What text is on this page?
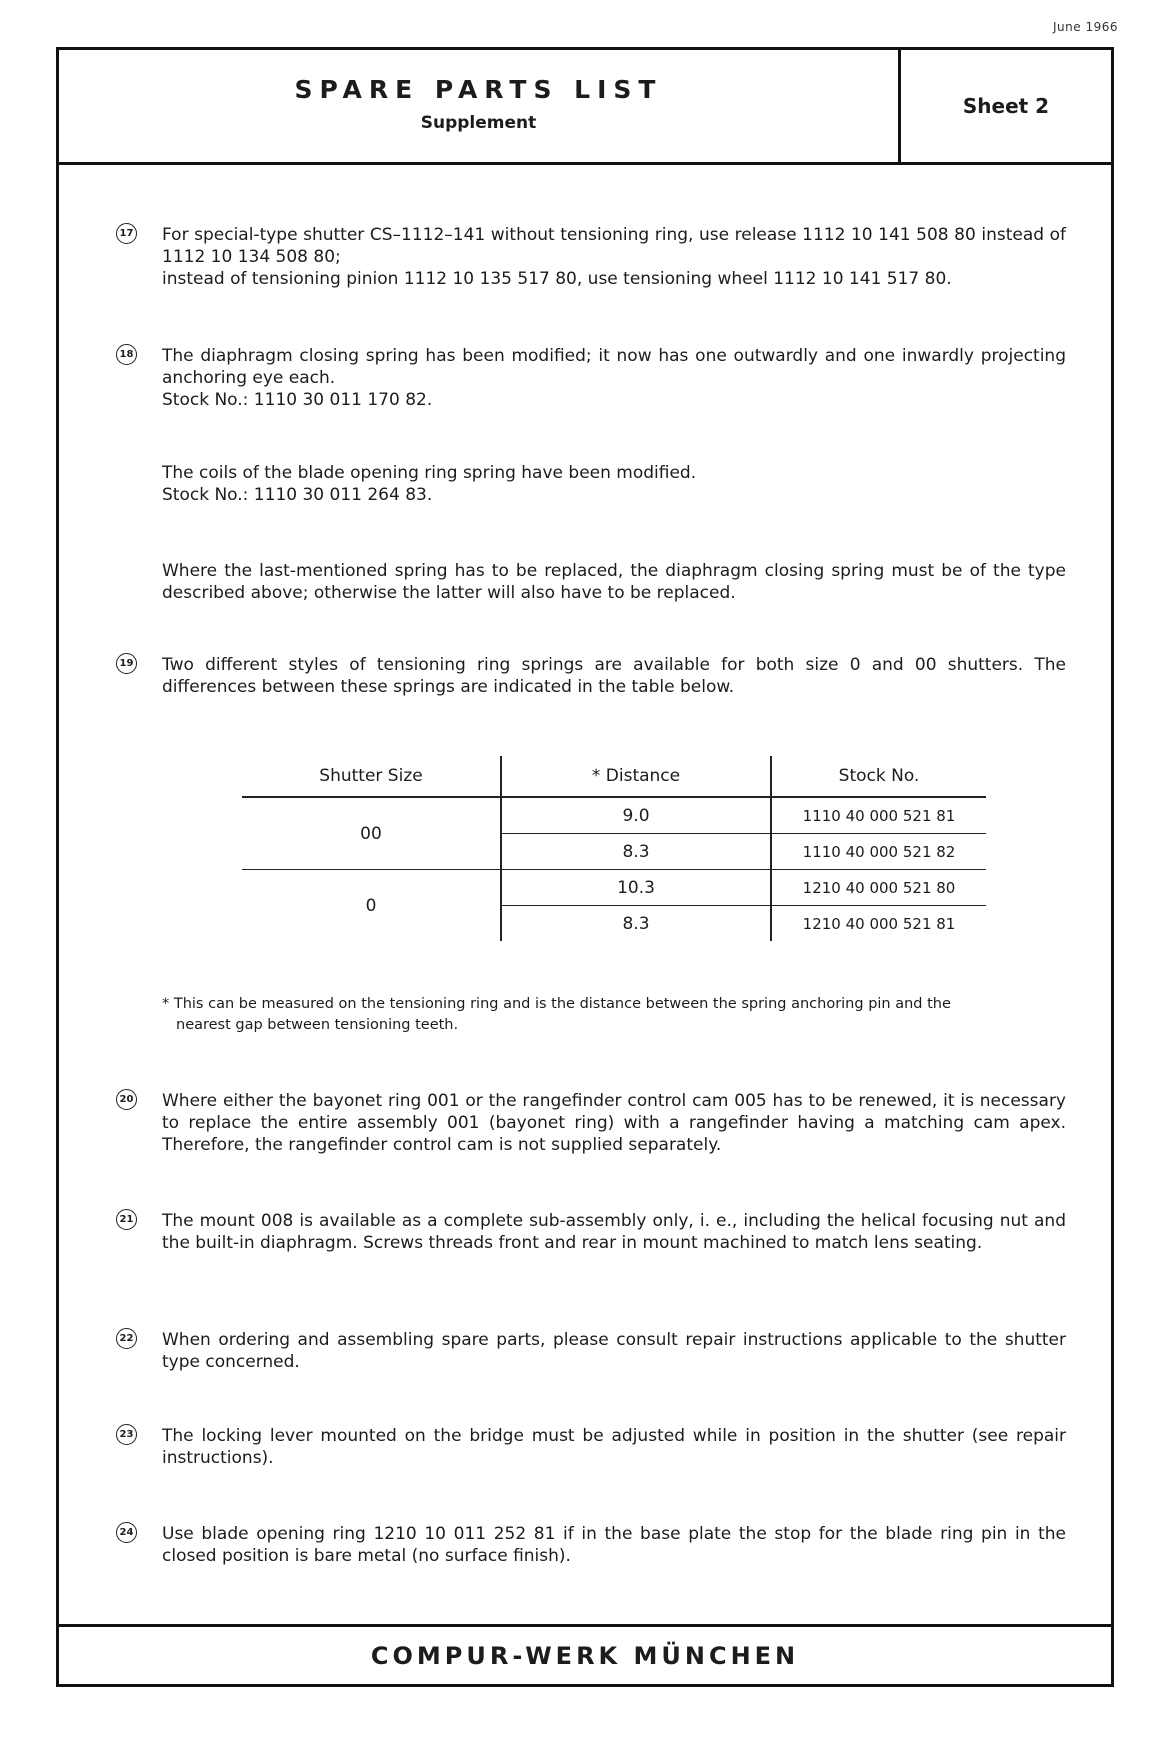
June 1966
SPARE PARTS LIST
Supplement
Sheet 2
17 For special-type shutter CS–1112–141 without tensioning ring, use release 1112 10 141 508 80 instead of 1112 10 134 508 80;

instead of tensioning pinion 1112 10 135 517 80, use tensioning wheel 1112 10 141 517 80.

18 The diaphragm closing spring has been modified; it now has one outwardly and one inwardly projecting anchoring eye each.

Stock No.: 1110 30 011 170 82.

The coils of the blade opening ring spring have been modified.

Stock No.: 1110 30 011 264 83.

Where the last-mentioned spring has to be replaced, the diaphragm closing spring must be of the type described above; otherwise the latter will also have to be replaced.

19 Two different styles of tensioning ring springs are available for both size 0 and 00 shutters. The differences between these springs are indicated in the table below.

Shutter Size	* Distance	Stock No.
00	9.0	1110 40 000 521 81
	8.3	1110 40 000 521 82
0	10.3	1210 40 000 521 80
	8.3	1210 40 000 521 81

* This can be measured on the tensioning ring and is the distance between the spring anchoring pin and the

nearest gap between tensioning teeth.

20 Where either the bayonet ring 001 or the rangefinder control cam 005 has to be renewed, it is necessary to replace the entire assembly 001 (bayonet ring) with a rangefinder having a matching cam apex. Therefore, the rangefinder control cam is not supplied separately.

21 The mount 008 is available as a complete sub-assembly only, i. e., including the helical focusing nut and the built-in diaphragm. Screws threads front and rear in mount machined to match lens seating.

22 When ordering and assembling spare parts, please consult repair instructions applicable to the shutter type concerned.

23 The locking lever mounted on the bridge must be adjusted while in position in the shutter (see repair instructions).

24 Use blade opening ring 1210 10 011 252 81 if in the base plate the stop for the blade ring pin in the closed position is bare metal (no surface finish).

COMPUR-WERK MÜNCHEN
